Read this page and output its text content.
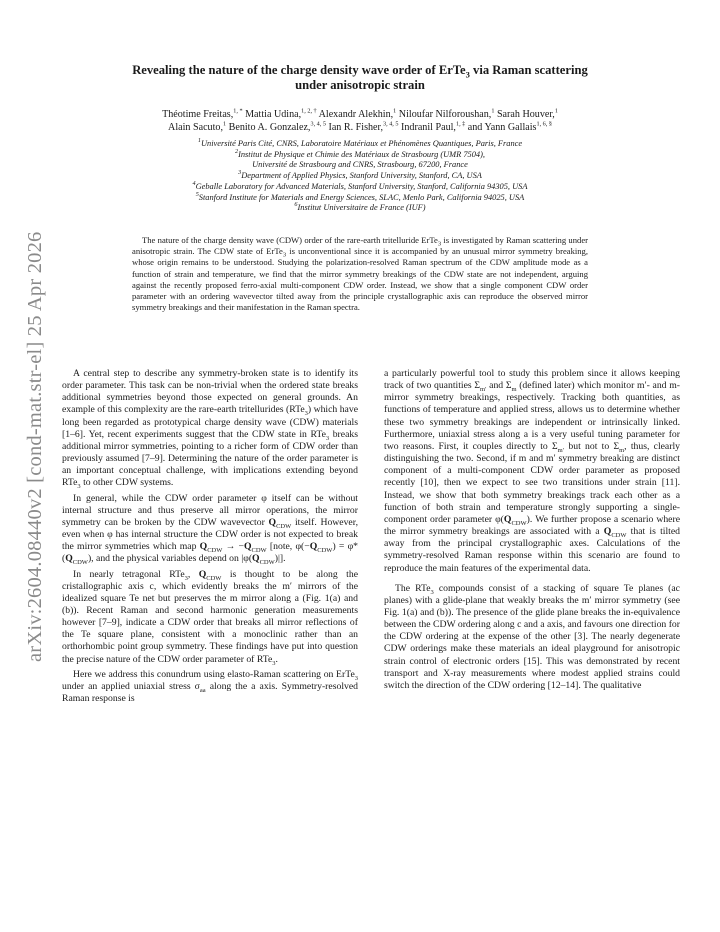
arXiv:2604.08440v2 [cond-mat.str-el] 25 Apr 2026
Revealing the nature of the charge density wave order of ErTe$_3$ via Raman scattering
under anisotropic strain
Théotime Freitas,$^{1, *}$ Mattia Udina,$^{1, 2, \dagger}$ Alexandr Alekhin,$^1$ Niloufar Nilforoushan,$^1$ Sarah Houver,$^1$
Alain Sacuto,$^1$ Benito A. Gonzalez,$^{3, 4, 5}$ Ian R. Fisher,$^{3, 4, 5}$ Indranil Paul,$^{1, \ddagger}$ and Yann Gallais$^{1, 6, \S}$
$^1$Université Paris Cité, CNRS, Laboratoire Matériaux et Phénomènes Quantiques, Paris, France
$^2$Institut de Physique et Chimie des Matériaux de Strasbourg (UMR 7504),
Université de Strasbourg and CNRS, Strasbourg, 67200, France
$^3$Department of Applied Physics, Stanford University, Stanford, CA, USA
$^4$Geballe Laboratory for Advanced Materials, Stanford University, Stanford, California 94305, USA
$^5$Stanford Institute for Materials and Energy Sciences, SLAC, Menlo Park, California 94025, USA
$^6$Institut Universitaire de France (IUF)

The nature of the charge density wave (CDW) order of the rare-earth tritelluride ErTe$_3$ is investigated by Raman scattering under anisotropic strain. The CDW state of ErTe$_3$ is unconventional since it is accompanied by an unusual mirror symmetry breaking, whose origin remains to be understood. Studying the polarization-resolved Raman spectrum of the CDW amplitude mode as a function of strain and temperature, we find that the mirror symmetry breakings of the CDW state are not independent, arguing against the recently proposed ferro-axial multi-component CDW order. Instead, we show that a single component CDW order parameter with an ordering wavevector tilted away from the principle crystallographic axis can reproduce the observed mirror symmetry breakings and their manifestation in the Raman spectra.

A central step to describe any symmetry-broken state is to identify its order parameter. This task can be non-trivial when the ordered state breaks additional symmetries beyond those expected on general grounds. An example of this complexity are the rare-earth tritellurides (RTe$_3$) which have long been regarded as prototypical charge density wave (CDW) materials [1–6]. Yet, recent experiments suggest that the CDW state in RTe$_3$ breaks additional mirror symmetries, pointing to a richer form of CDW order than previously assumed [7–9]. Determining the nature of the order parameter is an important conceptual challenge, with implications extending beyond RTe$_3$ to other CDW systems.

In general, while the CDW order parameter φ itself can be without internal structure and thus preserve all mirror operations, the mirror symmetry can be broken by the CDW wavevector $Q_{CDW}$ itself. However, even when φ has internal structure the CDW order is not expected to break the mirror symmetries which map $Q_{CDW} \to -Q_{CDW}$ [note, $\varphi(-Q_{CDW}) = \varphi*(Q_{CDW})$, and the physical variables depend on $|\varphi(Q_{CDW})|$].

In nearly tetragonal RTe$_3$, $Q_{CDW}$ is thought to be along the cristallographic axis c, which evidently breaks the m′ mirrors of the idealized square Te net but preserves the m mirror along a (Fig. 1(a) and (b)). Recent Raman and second harmonic generation measurements however [7–9], indicate a CDW order that breaks all mirror reflections of the Te square plane, consistent with a monoclinic rather than an orthorhombic point group symmetry. These findings have put into question the precise nature of the CDW order parameter of RTe$_3$.

Here we address this conundrum using elasto-Raman scattering on ErTe$_3$ under an applied uniaxial stress $\sigma_{aa}$ along the a axis. Symmetry-resolved Raman response is

a particularly powerful tool to study this problem since it allows keeping track of two quantities $\Sigma_{m'}$ and $\Sigma_m$ (defined later) which monitor m′- and m-mirror symmetry breakings, respectively. Tracking both quantities, as functions of temperature and applied stress, allows us to determine whether these two symmetry breakings are independent or intrinsically linked. Furthermore, uniaxial stress along a is a very useful tuning parameter for two reasons. First, it couples directly to $\Sigma_{m'}$ but not to $\Sigma_m$, thus, clearly distinguishing the two. Second, if m and m′ symmetry breaking are distinct component of a multi-component CDW order parameter as proposed recently [10], then we expect to see two transitions under strain [11]. Instead, we show that both symmetry breakings track each other as a function of both strain and temperature strongly supporting a single-component order parameter $\varphi(Q_{CDW})$. We further propose a scenario where the mirror symmetry breakings are associated with a $Q_{CDW}$ that is tilted away from the principal crystallographic axes. Calculations of the symmetry-resolved Raman response within this scenario are found to reproduce the main features of the experimental data.

The RTe$_3$ compounds consist of a stacking of square Te planes (ac planes) with a glide-plane that weakly breaks the m′ mirror symmetry (see Fig. 1(a) and (b)). The presence of the glide plane breaks the in-equivalence between the CDW ordering along c and a axis, and favours one direction for the CDW ordering at the expense of the other [3]. The nearly degenerate CDW orderings make these materials an ideal playground for anisotropic strain control of electronic orders [15]. This was demonstrated by recent transport and X-ray measurements where modest applied strains could switch the direction of the CDW ordering [12–14]. The qualitative
